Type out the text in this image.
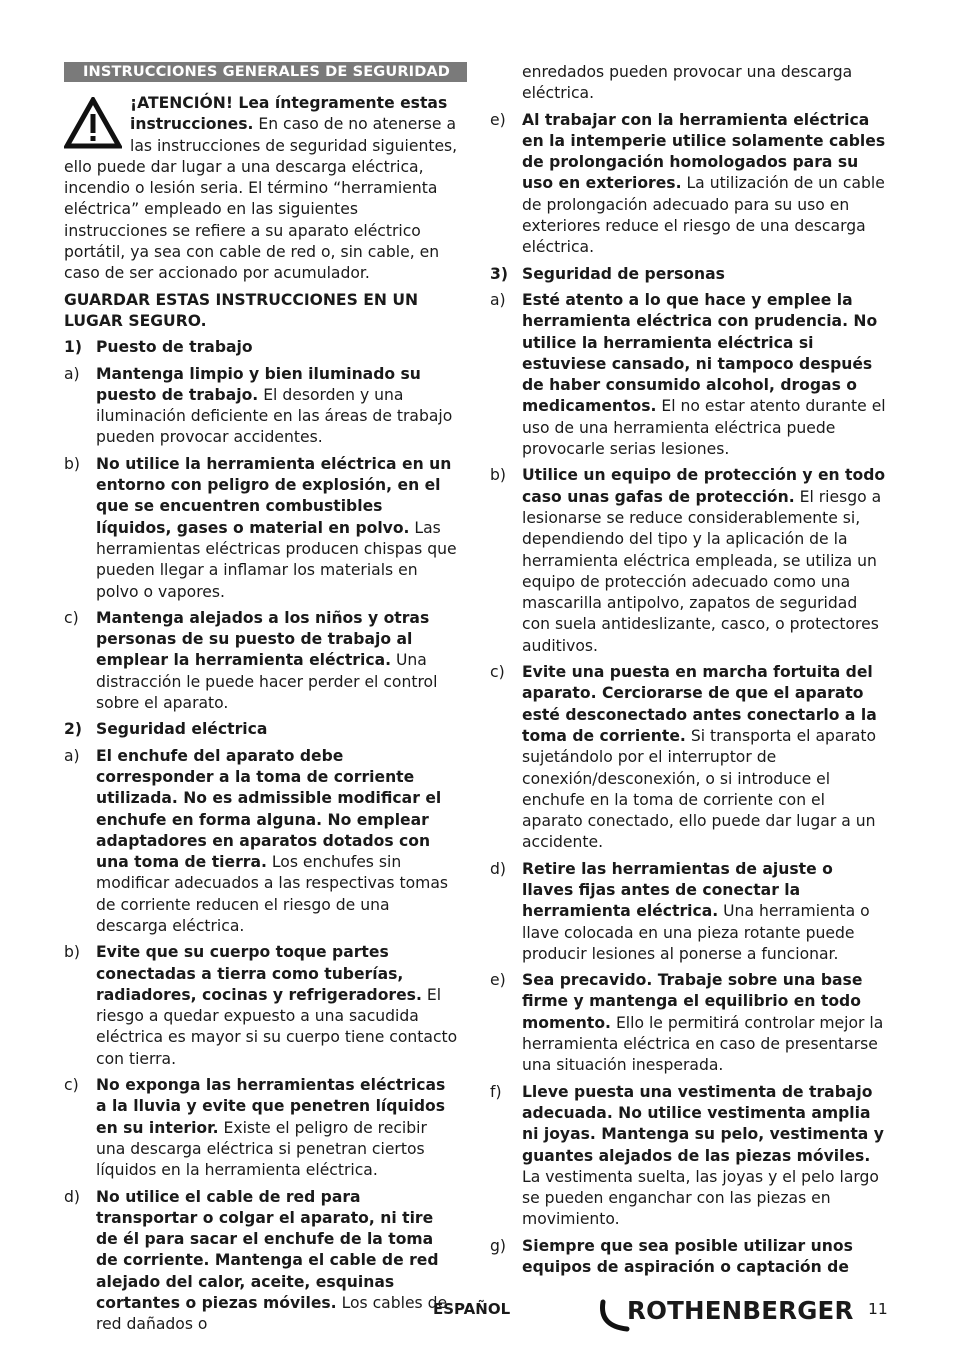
INSTRUCCIONES GENERALES DE SEGURIDAD

¡ATENCIÓN! Lea íntegramente estas instrucciones. En caso de no atenerse a las instrucciones de seguridad siguientes, ello puede dar lugar a una descarga eléctrica, incendio o lesión seria. El término “herramienta eléctrica” empleado en las siguientes instrucciones se refiere a su aparato eléctrico portátil, ya sea con cable de red o, sin cable, en caso de ser accionado por acumulador.

GUARDAR ESTAS INSTRUCCIONES EN UN LUGAR SEGURO.

1) Puesto de trabajo
a)	Mantenga limpio y bien iluminado su puesto de trabajo. El desorden y una iluminación deficiente en las áreas de trabajo pueden provocar accidentes.
b)	No utilice la herramienta eléctrica en un entorno con peligro de explosión, en el que se encuentren combustibles líquidos, gases o material en polvo. Las herramientas eléctricas producen chispas que pueden llegar a inflamar los materials en polvo o vapores.
c)	Mantenga alejados a los niños y otras personas de su puesto de trabajo al emplear la herramienta eléctrica. Una distracción le puede hacer perder el control sobre el aparato.
2) Seguridad eléctrica
a)	El enchufe del aparato debe corresponder a la toma de corriente utilizada. No es admissible modificar el enchufe en forma alguna. No emplear adaptadores en aparatos dotados con una toma de tierra. Los enchufes sin modificar adecuados a las respectivas tomas de corriente reducen el riesgo de una descarga eléctrica.
b)	Evite que su cuerpo toque partes conectadas a tierra como tuberías, radiadores, cocinas y refrigeradores. El riesgo a quedar expuesto a una sacudida eléctrica es mayor si su cuerpo tiene contacto con tierra.
c)	No exponga las herramientas eléctricas a la lluvia y evite que penetren líquidos en su interior. Existe el peligro de recibir una descarga eléctrica si penetran ciertos líquidos en la herramienta eléctrica.
d)	No utilice el cable de red para transportar o colgar el aparato, ni tire de él para sacar el enchufe de la toma de corriente. Mantenga el cable de red alejado del calor, aceite, esquinas cortantes o piezas móviles. Los cables de red dañados o
enredados pueden provocar una descarga eléctrica.
e)	Al trabajar con la herramienta eléctrica en la intemperie utilice solamente cables de prolongación homologados para su uso en exteriores. La utilización de un cable de prolongación adecuado para su uso en exteriores reduce el riesgo de una descarga eléctrica.
3) Seguridad de personas
a)	Esté atento a lo que hace y emplee la herramienta eléctrica con prudencia. No utilice la herramienta eléctrica si estuviese cansado, ni tampoco después de haber consumido alcohol, drogas o medicamentos. El no estar atento durante el uso de una herramienta eléctrica puede provocarle serias lesiones.
b)	Utilice un equipo de protección y en todo caso unas gafas de protección. El riesgo a lesionarse se reduce considerablemente si, dependiendo del tipo y la aplicación de la herramienta eléctrica empleada, se utiliza un equipo de protección adecuado como una mascarilla antipolvo, zapatos de seguridad con suela antideslizante, casco, o protectores auditivos.
c)	Evite una puesta en marcha fortuita del aparato. Cerciorarse de que el aparato esté desconectado antes conectarlo a la toma de corriente. Si transporta el aparato sujetándolo por el interruptor de conexión/desconexión, o si introduce el enchufe en la toma de corriente con el aparato conectado, ello puede dar lugar a un accidente.
d)	Retire las herramientas de ajuste o llaves fijas antes de conectar la herramienta eléctrica. Una herramienta o llave colocada en una pieza rotante puede producir lesiones al ponerse a funcionar.
e)	Sea precavido. Trabaje sobre una base firme y mantenga el equilibrio en todo momento. Ello le permitirá controlar mejor la herramienta eléctrica en caso de presentarse una situación inesperada.
f)	Lleve puesta una vestimenta de trabajo adecuada. No utilice vestimenta amplia ni joyas. Mantenga su pelo, vestimenta y guantes alejados de las piezas móviles. La vestimenta suelta, las joyas y el pelo largo se pueden enganchar con las piezas en movimiento.
g)	Siempre que sea posible utilizar unos equipos de aspiración o captación de
ESPAÑOL	ROTHENBERGER 11
